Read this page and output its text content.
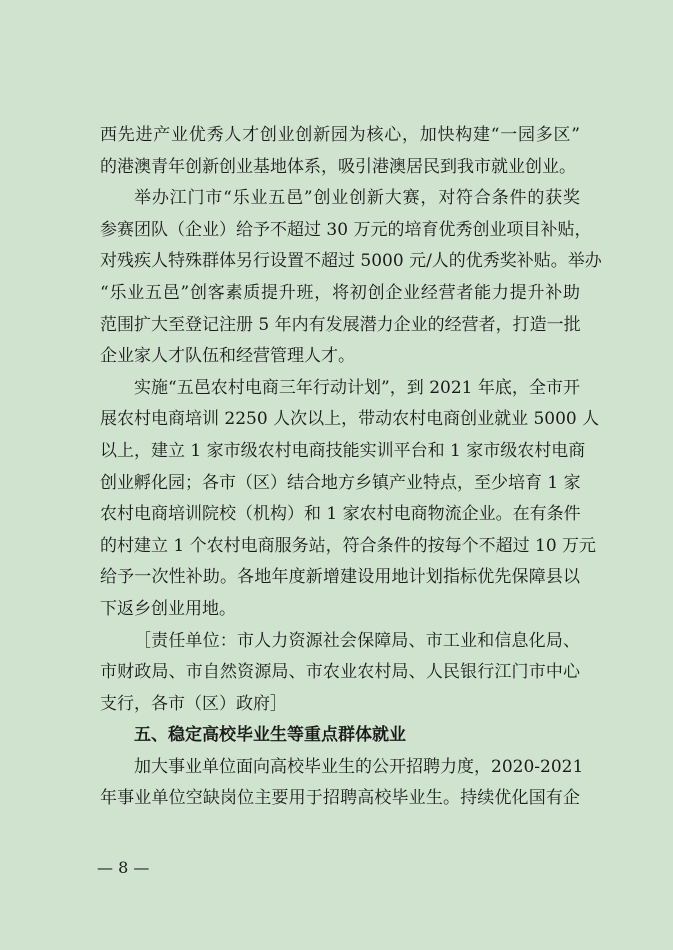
西先进产业优秀人才创业创新园为核心，加快构建“一园多区”
的港澳青年创新创业基地体系，吸引港澳居民到我市就业创业。
举办江门市“乐业五邑”创业创新大赛，对符合条件的获奖
参赛团队（企业）给予不超过 30 万元的培育优秀创业项目补贴，
对残疾人特殊群体另行设置不超过 5000 元/人的优秀奖补贴。举办
“乐业五邑”创客素质提升班，将初创企业经营者能力提升补助
范围扩大至登记注册 5 年内有发展潜力企业的经营者，打造一批
企业家人才队伍和经营管理人才。
实施“五邑农村电商三年行动计划”，到 2021 年底，全市开
展农村电商培训 2250 人次以上，带动农村电商创业就业 5000 人
以上，建立 1 家市级农村电商技能实训平台和 1 家市级农村电商
创业孵化园；各市（区）结合地方乡镇产业特点，至少培育 1 家
农村电商培训院校（机构）和 1 家农村电商物流企业。在有条件
的村建立 1 个农村电商服务站，符合条件的按每个不超过 10 万元
给予一次性补助。各地年度新增建设用地计划指标优先保障县以
下返乡创业用地。
［责任单位：市人力资源社会保障局、市工业和信息化局、
市财政局、市自然资源局、市农业农村局、人民银行江门市中心
支行，各市（区）政府］
五、稳定高校毕业生等重点群体就业
加大事业单位面向高校毕业生的公开招聘力度，2020-2021
年事业单位空缺岗位主要用于招聘高校毕业生。持续优化国有企
— 8 —
